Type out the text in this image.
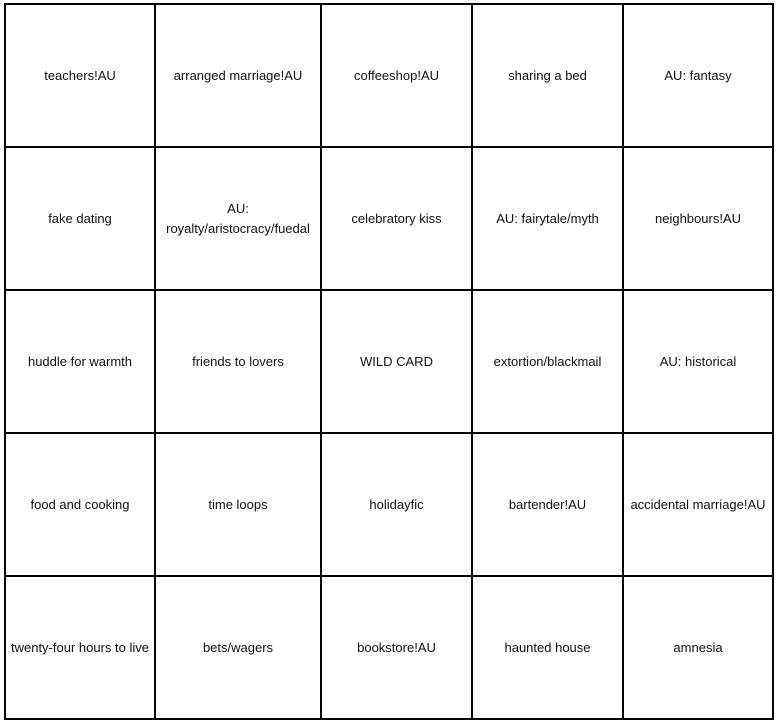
teachers!AU	arranged marriage!AU	coffeeshop!AU	sharing a bed	AU: fantasy
fake dating	AU: royalty/aristocracy/fuedal	celebratory kiss	AU: fairytale/myth	neighbours!AU
huddle for warmth	friends to lovers	WILD CARD	extortion/blackmail	AU: historical
food and cooking	time loops	holidayfic	bartender!AU	accidental marriage!AU
twenty-four hours to live	bets/wagers	bookstore!AU	haunted house	amnesia
